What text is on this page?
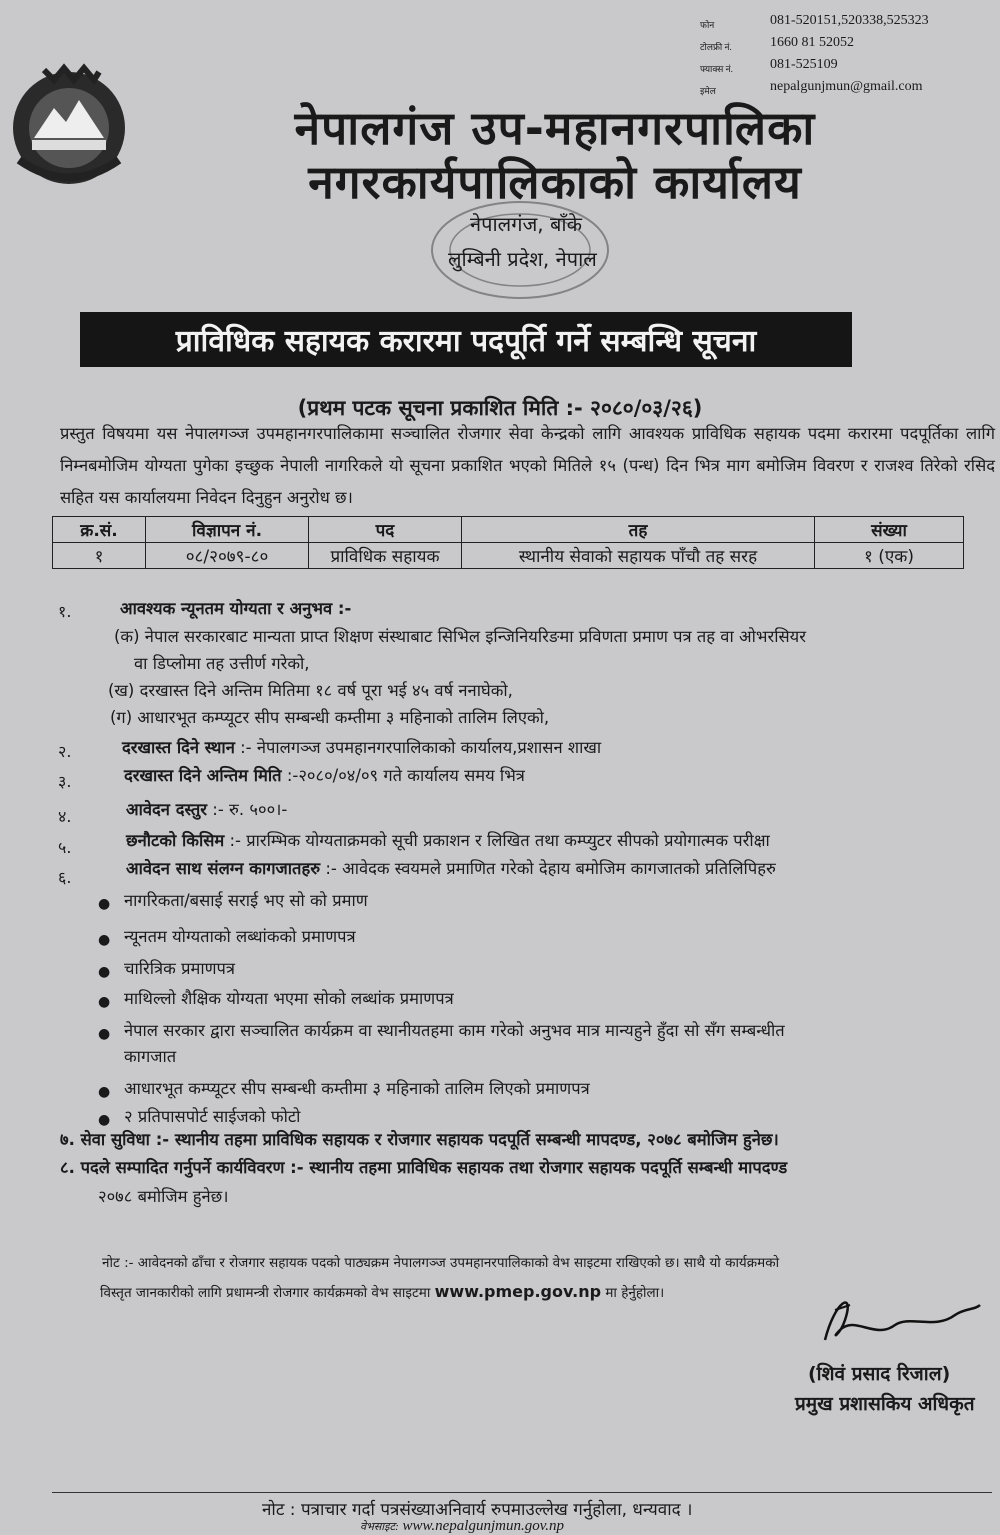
फोन	081-520151,520338,525323
टोलफ्री नं.	1660 81 52052
फ्याक्स नं.	081-525109
इमेल	nepalgunjmun@gmail.com
नेपालगंज उप-महानगरपालिका
नगरकार्यपालिकाको कार्यालय
नेपालगंज, बाँके
लुम्बिनी प्रदेश, नेपाल
प्राविधिक सहायक करारमा पदपूर्ति गर्ने सम्बन्धि सूचना
(प्रथम पटक सूचना प्रकाशित मिति :- २०८०/०३/२६)
प्रस्तुत विषयमा यस नेपालगञ्ज उपमहानगरपालिकामा सञ्चालित रोजगार सेवा केन्द्रको लागि आवश्यक प्राविधिक सहायक पदमा करारमा पदपूर्तिका लागि निम्नबमोजिम योग्यता पुगेका इच्छुक नेपाली नागरिकले यो सूचना प्रकाशित भएको मितिले १५ (पन्ध) दिन भित्र माग बमोजिम विवरण र राजश्व तिरेको रसिद सहित यस कार्यालयमा निवेदन दिनुहुन अनुरोध छ।
क्र.सं.	विज्ञापन नं.	पद	तह	संख्या
१	०८/२०७९-८०	प्राविधिक सहायक	स्थानीय सेवाको सहायक पाँचौ तह सरह	१ (एक)
१.	आवश्यक न्यूनतम योग्यता र अनुभव :-
(क) नेपाल सरकारबाट मान्यता प्राप्त शिक्षण संस्थाबाट सिभिल इन्जिनियरिङमा प्रविणता प्रमाण पत्र तह वा ओभरसियर
वा डिप्लोमा तह उत्तीर्ण गरेको,
(ख) दरखास्त दिने अन्तिम मितिमा १८ वर्ष पूरा भई ४५ वर्ष ननाघेको,
(ग) आधारभूत कम्प्यूटर सीप सम्बन्धी कम्तीमा ३ महिनाको तालिम लिएको,
२.	दरखास्त दिने स्थान :- नेपालगञ्ज उपमहानगरपालिकाको कार्यालय,प्रशासन शाखा
३.	दरखास्त दिने अन्तिम मिति :-२०८०/०४/०९ गते कार्यालय समय भित्र
४.	आवेदन दस्तुर :- रु. ५००।-
५.	छनौटको किसिम :- प्रारम्भिक योग्यताक्रमको सूची प्रकाशन र लिखित तथा कम्प्युटर सीपको प्रयोगात्मक परीक्षा
६.	आवेदन साथ संलग्न कागजातहरु :- आवेदक स्वयमले प्रमाणित गरेको देहाय बमोजिम कागजातको प्रतिलिपिहरु
● नागरिकता/बसाई सराई भए सो को प्रमाण
● न्यूनतम योग्यताको लब्धांकको प्रमाणपत्र
● चारित्रिक प्रमाणपत्र
● माथिल्लो शैक्षिक योग्यता भएमा सोको लब्धांक प्रमाणपत्र
● नेपाल सरकार द्वारा सञ्चालित कार्यक्रम वा स्थानीयतहमा काम गरेको अनुभव मात्र मान्यहुने हुँदा सो सँग सम्बन्धीत
कागजात
● आधारभूत कम्प्यूटर सीप सम्बन्धी कम्तीमा ३ महिनाको तालिम लिएको प्रमाणपत्र
● २ प्रतिपासपोर्ट साईजको फोटो
७. सेवा सुविधा :- स्थानीय तहमा प्राविधिक सहायक र रोजगार सहायक पदपूर्ति सम्बन्धी मापदण्ड, २०७८ बमोजिम हुनेछ।
८. पदले सम्पादित गर्नुपर्ने कार्यविवरण :- स्थानीय तहमा प्राविधिक सहायक तथा रोजगार सहायक पदपूर्ति सम्बन्धी मापदण्ड
२०७८ बमोजिम हुनेछ।
नोट :- आवेदनको ढाँचा र रोजगार सहायक पदको पाठ्यक्रम नेपालगञ्ज उपमहानरपालिकाको वेभ साइटमा राखिएको छ। साथै यो कार्यक्रमको
विस्तृत जानकारीको लागि प्रधामन्त्री रोजगार कार्यक्रमको वेभ साइटमा www.pmep.gov.np मा हेर्नुहोला।
(शिवं प्रसाद रिजाल)
प्रमुख प्रशासकिय अधिकृत
नोट : पत्राचार गर्दा पत्रसंख्याअनिवार्य रुपमाउल्लेख गर्नुहोला, धन्यवाद ।
वेभसाइट: www.nepalgunjmun.gov.np
